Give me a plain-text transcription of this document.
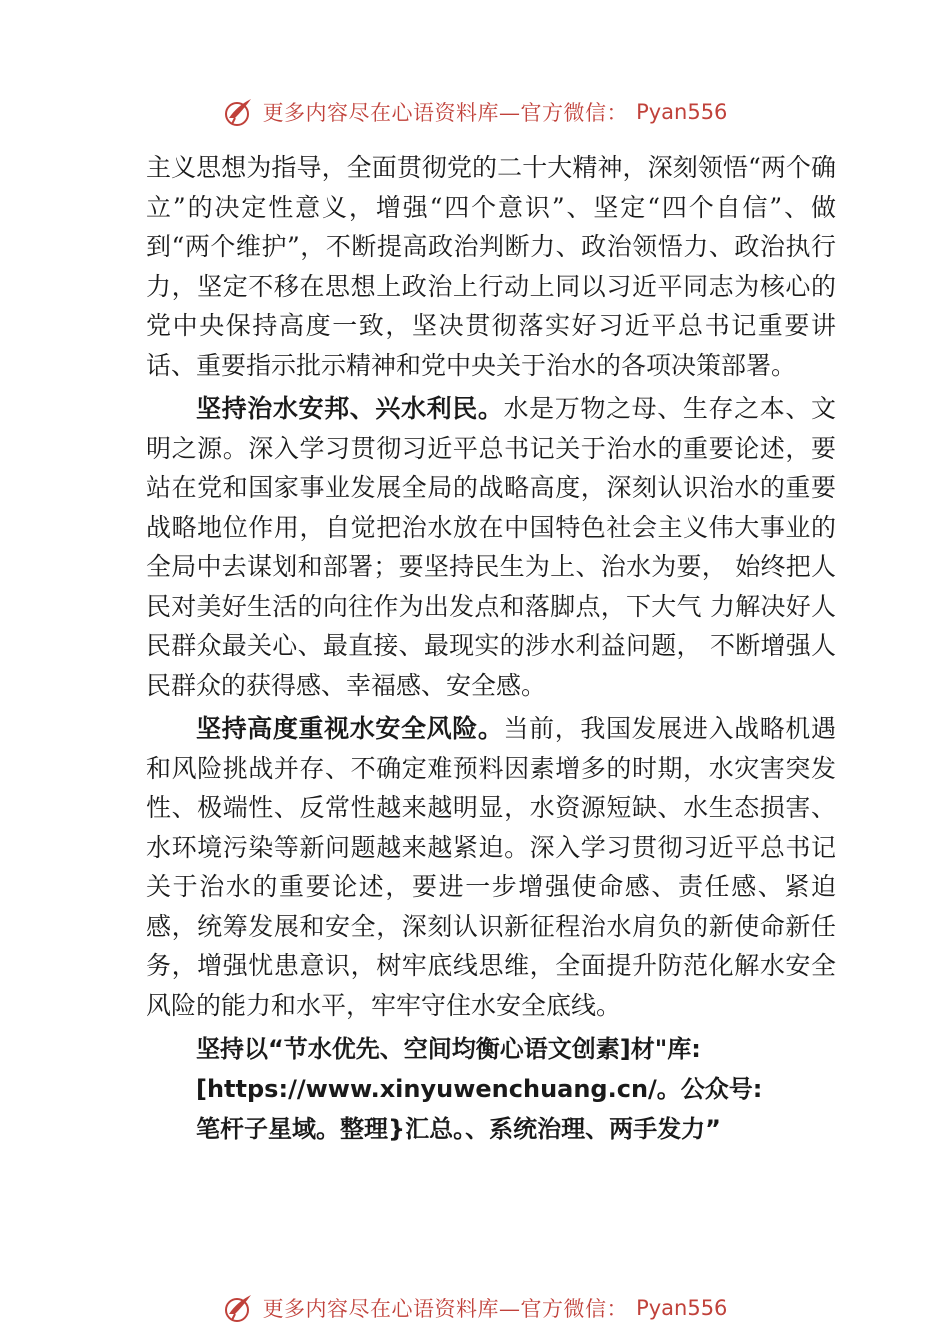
更多内容尽在心语资料库—官方微信： Pyan556

主义思想为指导，全面贯彻党的二十大精神，深刻领悟“两个确立”的决定性意义，增强“四个意识”、坚定“四个自信”、做到“两个维护”，不断提高政治判断力、政治领悟力、政治执行力，坚定不移在思想上政治上行动上同以习近平同志为核心的党中央保持高度一致，坚决贯彻落实好习近平总书记重要讲话、重要指示批示精神和党中央关于治水的各项决策部署。

坚持治水安邦、兴水利民。水是万物之母、生存之本、文明之源。深入学习贯彻习近平总书记关于治水的重要论述，要站在党和国家事业发展全局的战略高度，深刻认识治水的重要战略地位作用，自觉把治水放在中国特色社会主义伟大事业的全局中去谋划和部署；要坚持民生为上、治水为要， 始终把人民对美好生活的向往作为出发点和落脚点，下大气 力解决好人民群众最关心、最直接、最现实的涉水利益问题， 不断增强人民群众的获得感、幸福感、安全感。

坚持高度重视水安全风险。当前，我国发展进入战略机遇和风险挑战并存、不确定难预料因素增多的时期，水灾害突发性、极端性、反常性越来越明显，水资源短缺、水生态损害、水环境污染等新问题越来越紧迫。深入学习贯彻习近平总书记关于治水的重要论述，要进一步增强使命感、责任感、紧迫感，统筹发展和安全，深刻认识新征程治水肩负的新使命新任务，增强忧患意识，树牢底线思维，全面提升防范化解水安全风险的能力和水平，牢牢守住水安全底线。

坚持以“节水优先、空间均衡心语文创素]材"库:
[https://www.xinyuwenchuang.cn/。公众号:
笔杆子星域。整理}汇总。、系统治理、两手发力”
更多内容尽在心语资料库—官方微信： Pyan556
